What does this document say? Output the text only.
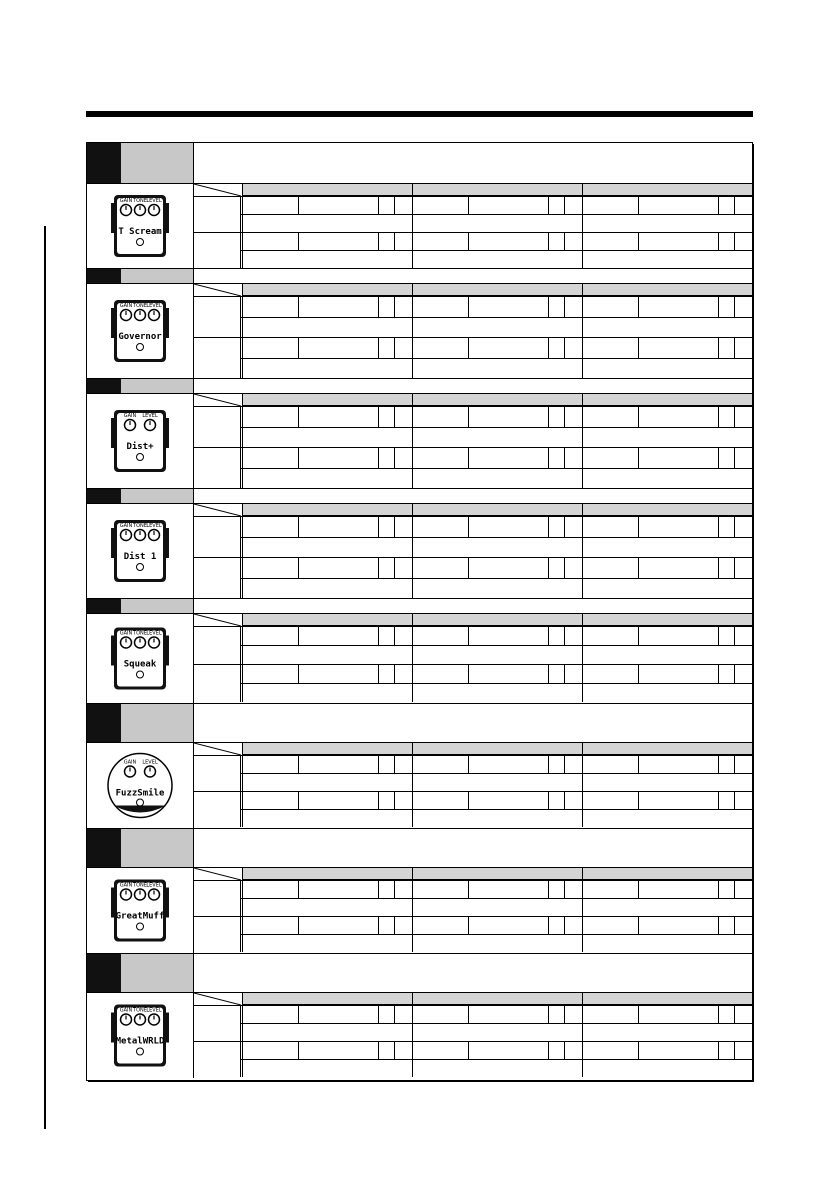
GAIN TONE LEVEL
T Scream
GAIN TONE LEVEL
Governor
GAIN LEVEL
Dist+
GAIN TONE LEVEL
Dist 1
GAIN TONE LEVEL
Squeak
GAIN LEVEL
FuzzSmile
GAIN TONE LEVEL
GreatMuff
GAIN TONE LEVEL
MetalWRLD
